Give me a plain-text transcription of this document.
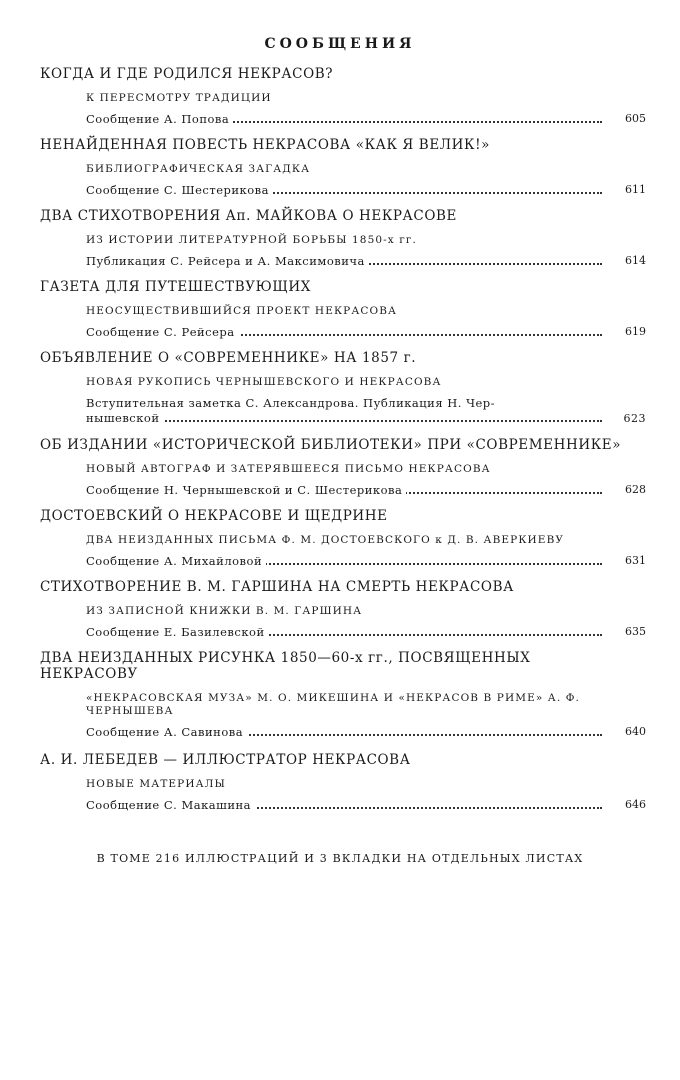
СООБЩЕНИЯ
КОГДА И ГДЕ РОДИЛСЯ НЕКРАСОВ?
К ПЕРЕСМОТРУ ТРАДИЦИИ
Сообщение А. Попова	605
НЕНАЙДЕННАЯ ПОВЕСТЬ НЕКРАСОВА «КАК Я ВЕЛИК!»
БИБЛИОГРАФИЧЕСКАЯ ЗАГАДКА
Сообщение С. Шестерикова	611
ДВА СТИХОТВОРЕНИЯ Ап. МАЙКОВА О НЕКРАСОВЕ
ИЗ ИСТОРИИ ЛИТЕРАТУРНОЙ БОРЬБЫ 1850-х гг.
Публикация С. Рейсера и А. Максимовича	614
ГАЗЕТА ДЛЯ ПУТЕШЕСТВУЮЩИХ
НЕОСУЩЕСТВИВШИЙСЯ ПРОЕКТ НЕКРАСОВА
Сообщение С. Рейсера	619
ОБЪЯВЛЕНИЕ О «СОВРЕМЕННИКЕ» НА 1857 г.
НОВАЯ РУКОПИСЬ ЧЕРНЫШЕВСКОГО И НЕКРАСОВА
Вступительная заметка С. Александрова. Публикация Н. Чер-
нышевской	623
ОБ ИЗДАНИИ «ИСТОРИЧЕСКОЙ БИБЛИОТЕКИ» ПРИ «СОВРЕМЕННИКЕ»
НОВЫЙ АВТОГРАФ И ЗАТЕРЯВШЕЕСЯ ПИСЬМО НЕКРАСОВА
Сообщение Н. Чернышевской и С. Шестерикова	628
ДОСТОЕВСКИЙ О НЕКРАСОВЕ И ЩЕДРИНЕ
ДВА НЕИЗДАННЫХ ПИСЬМА Ф. М. ДОСТОЕВСКОГО к Д. В. АВЕРКИЕВУ
Сообщение А. Михайловой	631
СТИХОТВОРЕНИЕ В. М. ГАРШИНА НА СМЕРТЬ НЕКРАСОВА
ИЗ ЗАПИСНОЙ КНИЖКИ В. М. ГАРШИНА
Сообщение Е. Базилевской	635
ДВА НЕИЗДАННЫХ РИСУНКА 1850—60-х гг., ПОСВЯЩЕННЫХ НЕКРАСОВУ
«НЕКРАСОВСКАЯ МУЗА» М. О. МИКЕШИНА И «НЕКРАСОВ В РИМЕ» А. Ф. ЧЕРНЫШЕВА
Сообщение А. Савинова	640
А. И. ЛЕБЕДЕВ — ИЛЛЮСТРАТОР НЕКРАСОВА
НОВЫЕ МАТЕРИАЛЫ
Сообщение С. Макашина	646
В ТОМЕ 216 ИЛЛЮСТРАЦИЙ И 3 ВКЛАДКИ НА ОТДЕЛЬНЫХ ЛИСТАХ
